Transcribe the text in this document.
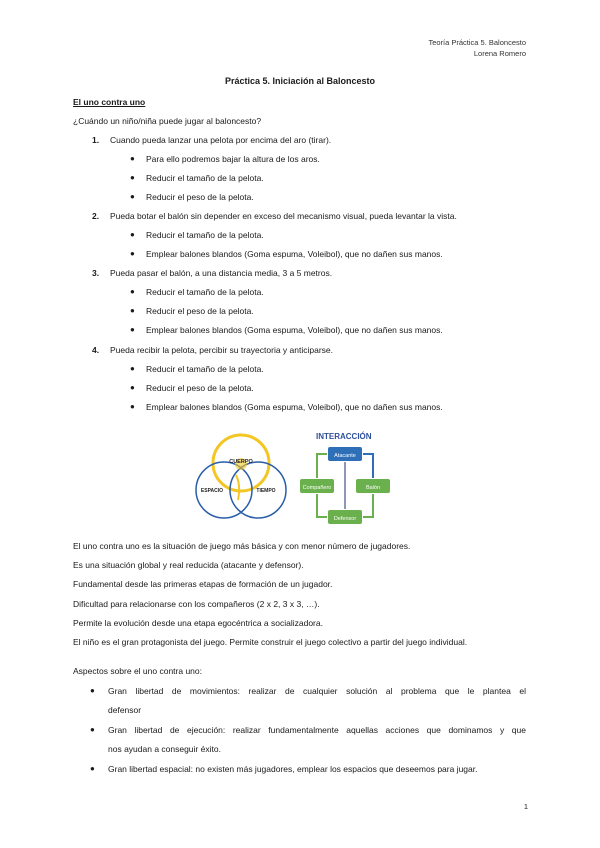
Teoría Práctica 5. Baloncesto
Lorena Romero
Práctica 5. Iniciación al Baloncesto
El uno contra uno
¿Cuándo un niño/niña puede jugar al baloncesto?
1. Cuando pueda lanzar una pelota por encima del aro (tirar).
● Para ello podremos bajar la altura de los aros.
● Reducir el tamaño de la pelota.
● Reducir el peso de la pelota.
2. Pueda botar el balón sin depender en exceso del mecanismo visual, pueda levantar la vista.
● Reducir el tamaño de la pelota.
● Emplear balones blandos (Goma espuma, Voleibol), que no dañen sus manos.
3. Pueda pasar el balón, a una distancia media, 3 a 5 metros.
● Reducir el tamaño de la pelota.
● Reducir el peso de la pelota.
● Emplear balones blandos (Goma espuma, Voleibol), que no dañen sus manos.
4. Pueda recibir la pelota, percibir su trayectoria y anticiparse.
● Reducir el tamaño de la pelota.
● Reducir el peso de la pelota.
● Emplear balones blandos (Goma espuma, Voleibol), que no dañen sus manos.
CUERPO
ESPACIO	TIEMPO
INTERACCIÓN
Atacante
Compañero	Balón
Defensor
El uno contra uno es la situación de juego más básica y con menor número de jugadores.
Es una situación global y real reducida (atacante y defensor).
Fundamental desde las primeras etapas de formación de un jugador.
Dificultad para relacionarse con los compañeros (2 x 2, 3 x 3, …).
Permite la evolución desde una etapa egocéntrica a socializadora.
El niño es el gran protagonista del juego. Permite construir el juego colectivo a partir del juego individual.
Aspectos sobre el uno contra uno:
● Gran libertad de movimientos: realizar de cualquier solución al problema que le plantea el
defensor
● Gran libertad de ejecución: realizar fundamentalmente aquellas acciones que dominamos y que
nos ayudan a conseguir éxito.
● Gran libertad espacial: no existen más jugadores, emplear los espacios que deseemos para jugar.
1
